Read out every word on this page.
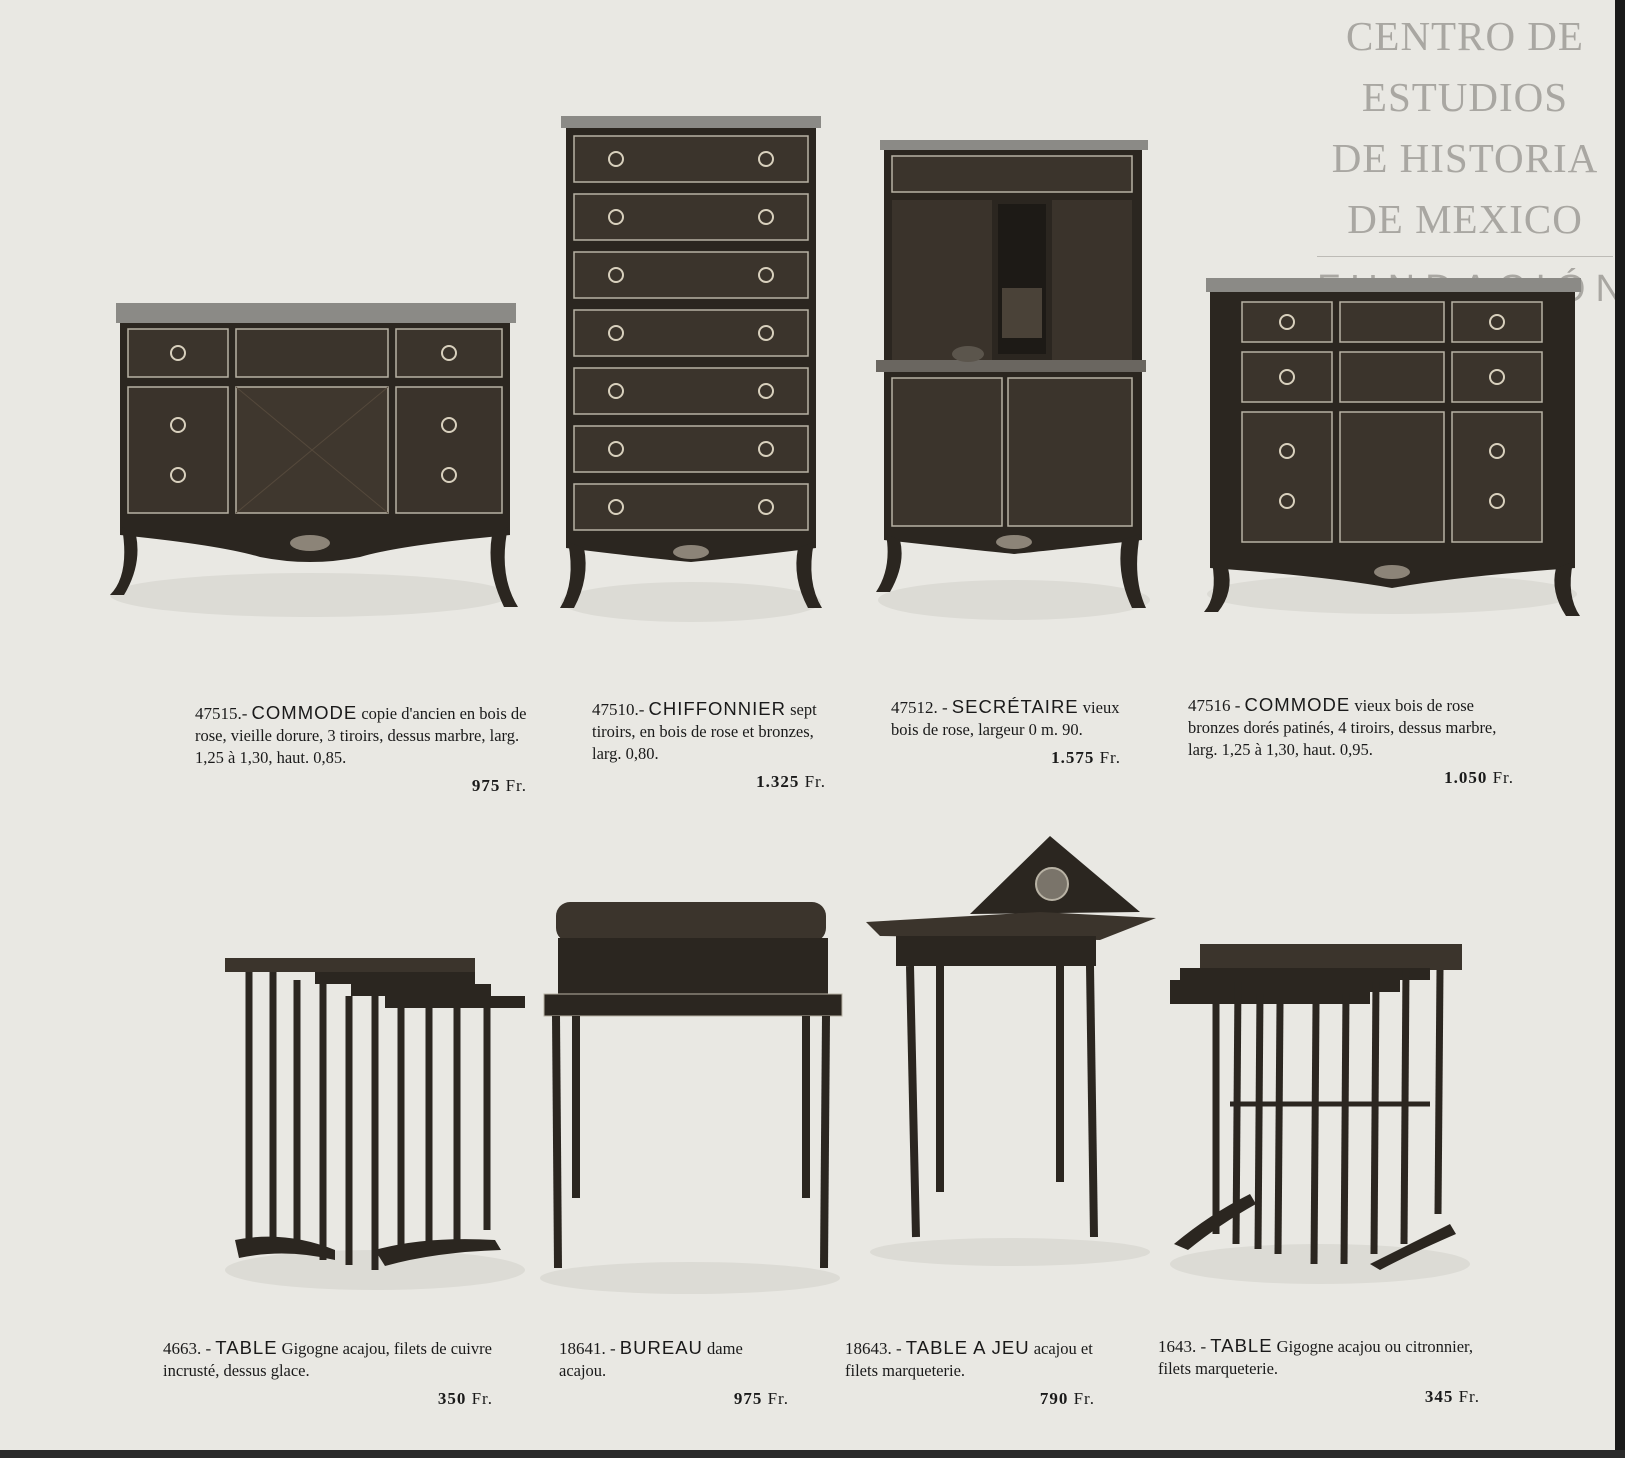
CENTRO DE
ESTUDIOS
DE HISTORIA
DE MEXICO
47515.- COMMODE copie d'ancien en bois de rose, vieille dorure, 3 tiroirs, dessus marbre, larg. 1,25 à 1,30, haut. 0,85.
975 Fr.
47510.- CHIFFONNIER sept tiroirs, en bois de rose et bronzes, larg. 0,80.
1.325 Fr.
47512. - SECRÉTAIRE vieux bois de rose, largeur 0 m. 90.
1.575 Fr.
47516 - COMMODE vieux bois de rose bronzes dorés patinés, 4 tiroirs, dessus marbre, larg. 1,25 à 1,30, haut. 0,95.
1.050 Fr.
4663. - TABLE Gigogne acajou, filets de cuivre incrusté, dessus glace.
350 Fr.
18641. - BUREAU dame acajou.
975 Fr.
18643. - TABLE A JEU acajou et filets marqueterie.
790 Fr.
1643. - TABLE Gigogne acajou ou citronnier, filets marqueterie.
345 Fr.
